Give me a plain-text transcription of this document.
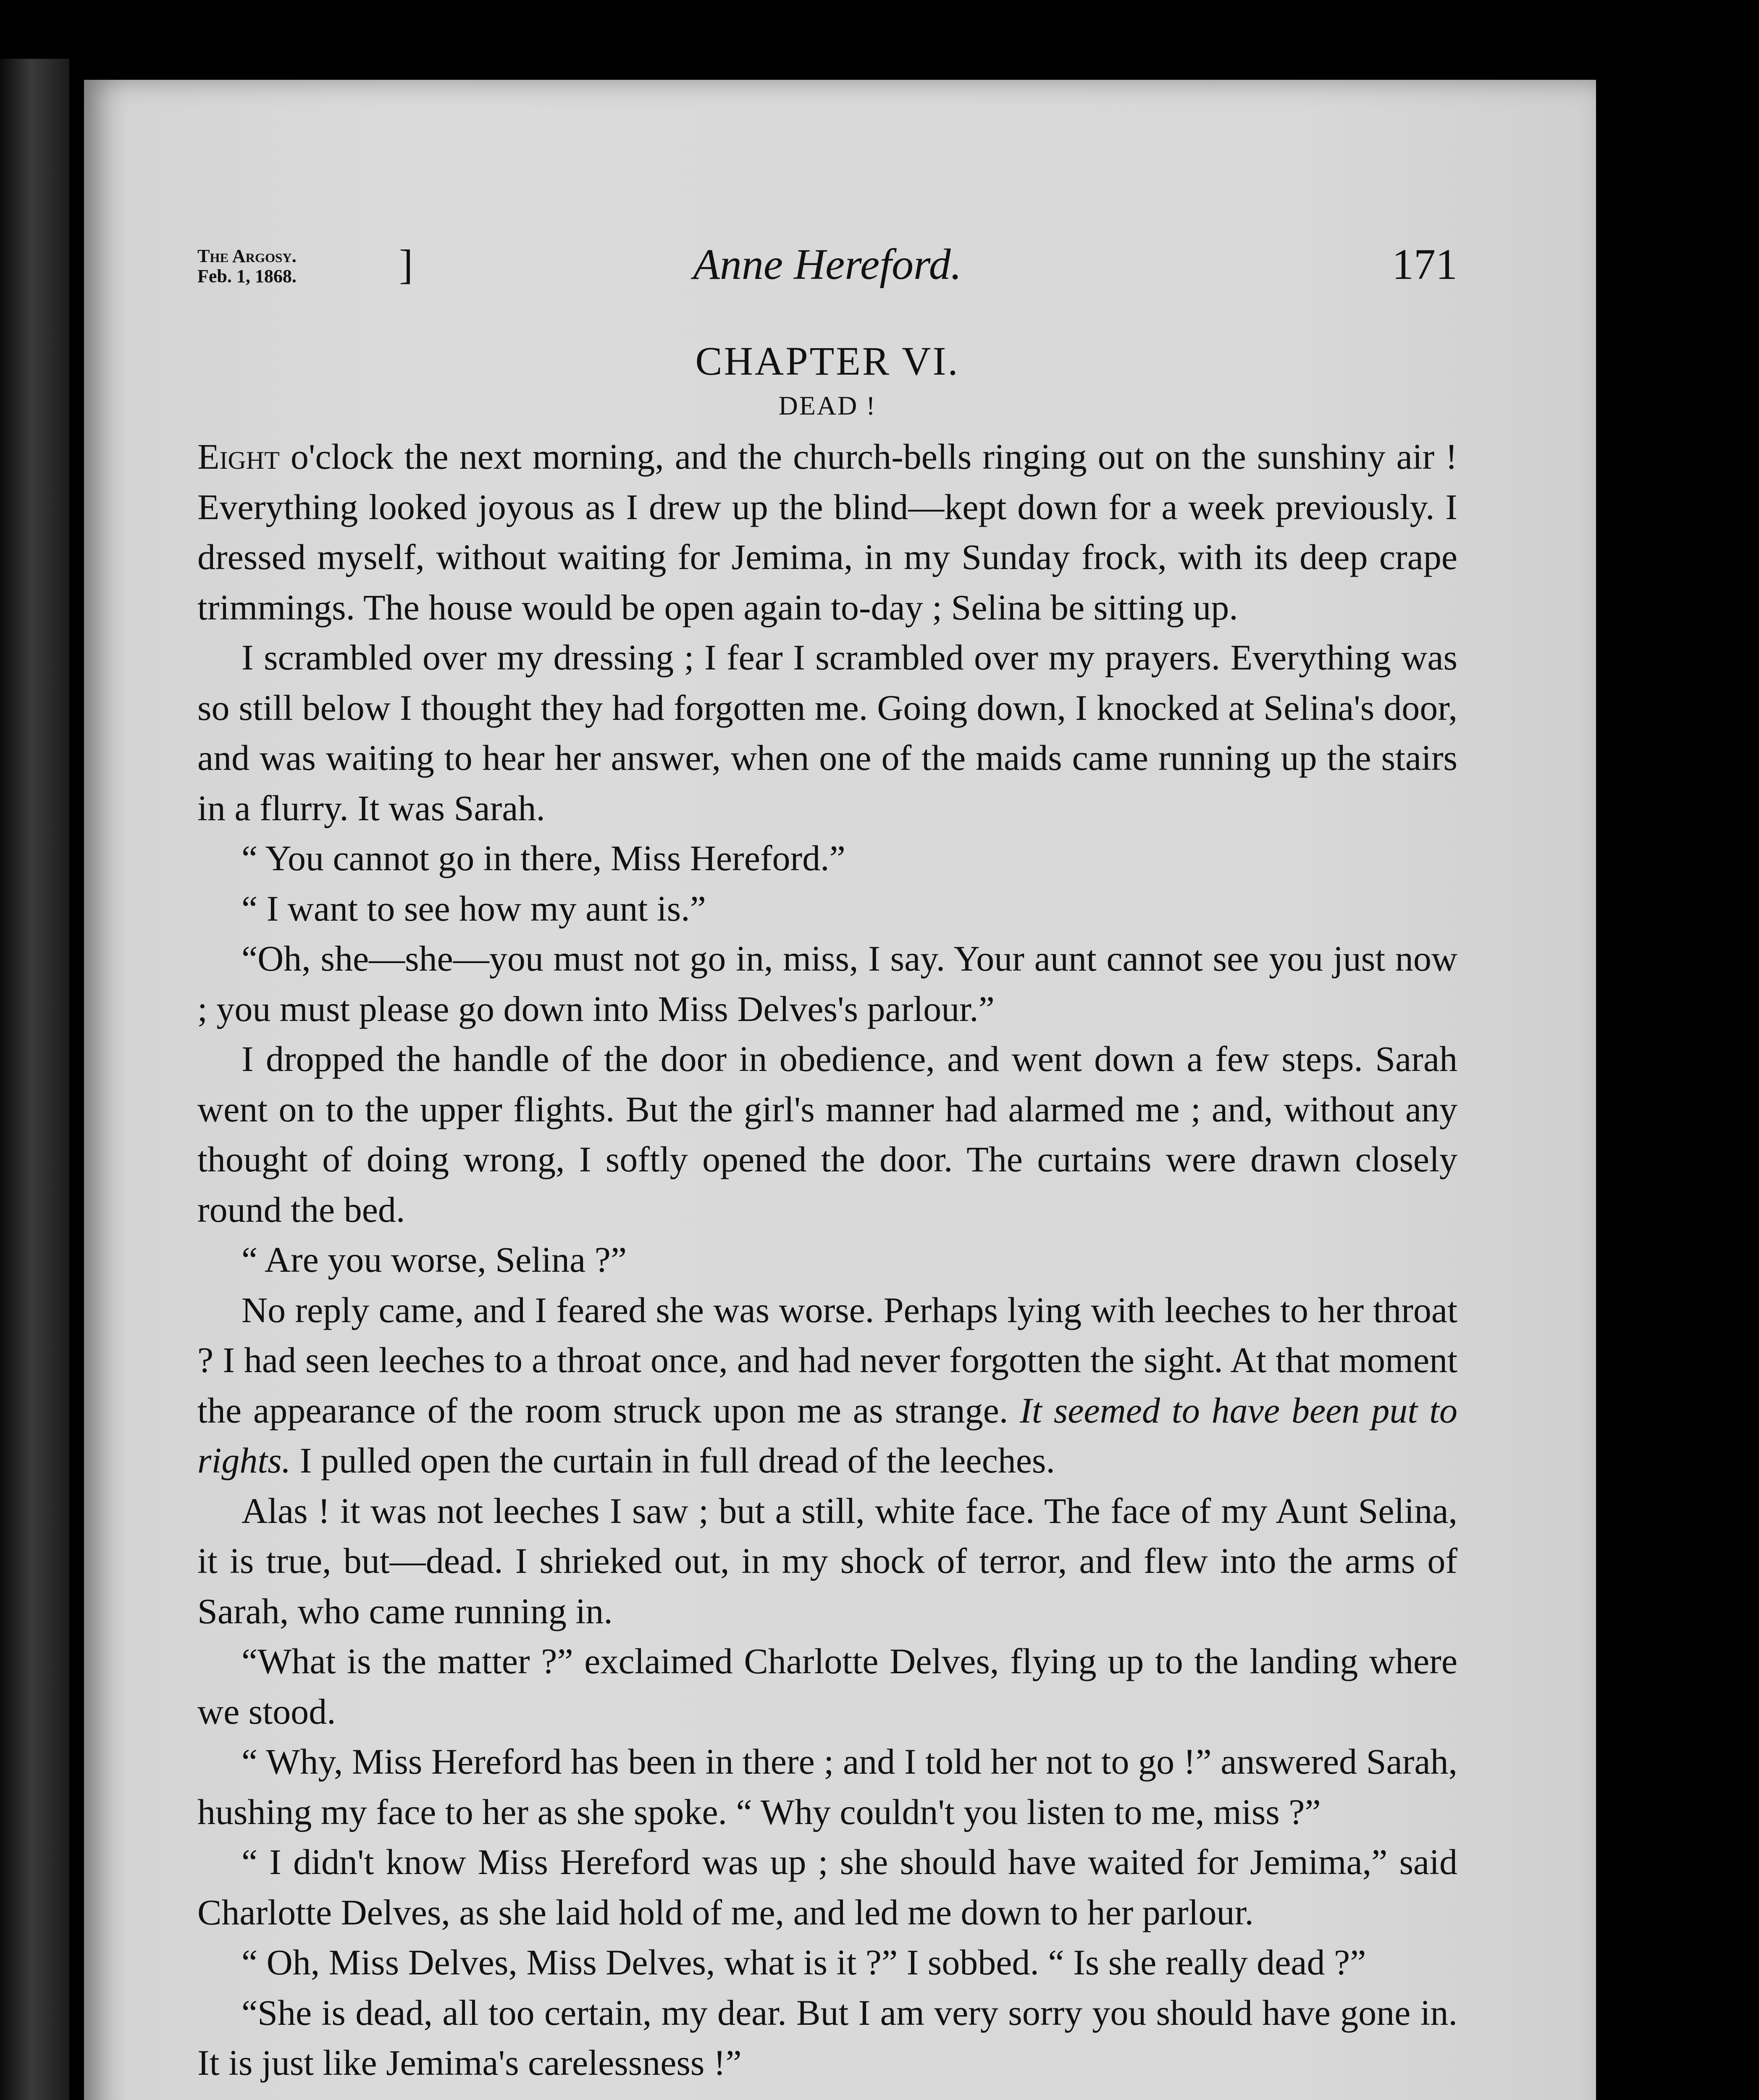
The Argosy.
Feb. 1, 1868. ]	Anne Hereford.	171
CHAPTER VI.
DEAD !

Eight o'clock the next morning, and the church-bells ringing out on the sunshiny air ! Everything looked joyous as I drew up the blind—kept down for a week previously. I dressed myself, without waiting for Jemima, in my Sunday frock, with its deep crape trimmings. The house would be open again to-day ; Selina be sitting up.

I scrambled over my dressing ; I fear I scrambled over my prayers. Everything was so still below I thought they had forgotten me. Going down, I knocked at Selina's door, and was waiting to hear her answer, when one of the maids came running up the stairs in a flurry. It was Sarah.

“ You cannot go in there, Miss Hereford.”

“ I want to see how my aunt is.”

“Oh, she—she—you must not go in, miss, I say. Your aunt cannot see you just now ; you must please go down into Miss Delves's parlour.”

I dropped the handle of the door in obedience, and went down a few steps. Sarah went on to the upper flights. But the girl's manner had alarmed me ; and, without any thought of doing wrong, I softly opened the door. The curtains were drawn closely round the bed.

“ Are you worse, Selina ?”

No reply came, and I feared she was worse. Perhaps lying with leeches to her throat ? I had seen leeches to a throat once, and had never forgotten the sight. At that moment the appearance of the room struck upon me as strange. It seemed to have been put to rights. I pulled open the curtain in full dread of the leeches.

Alas ! it was not leeches I saw ; but a still, white face. The face of my Aunt Selina, it is true, but—dead. I shrieked out, in my shock of terror, and flew into the arms of Sarah, who came running in.

“What is the matter ?” exclaimed Charlotte Delves, flying up to the landing where we stood.

“ Why, Miss Hereford has been in there ; and I told her not to go !” answered Sarah, hushing my face to her as she spoke. “ Why couldn't you listen to me, miss ?”

“ I didn't know Miss Hereford was up ; she should have waited for Jemima,” said Charlotte Delves, as she laid hold of me, and led me down to her parlour.

“ Oh, Miss Delves, Miss Delves, what is it ?” I sobbed. “ Is she really dead ?”

“She is dead, all too certain, my dear. But I am very sorry you should have gone in. It is just like Jemima's carelessness !”
